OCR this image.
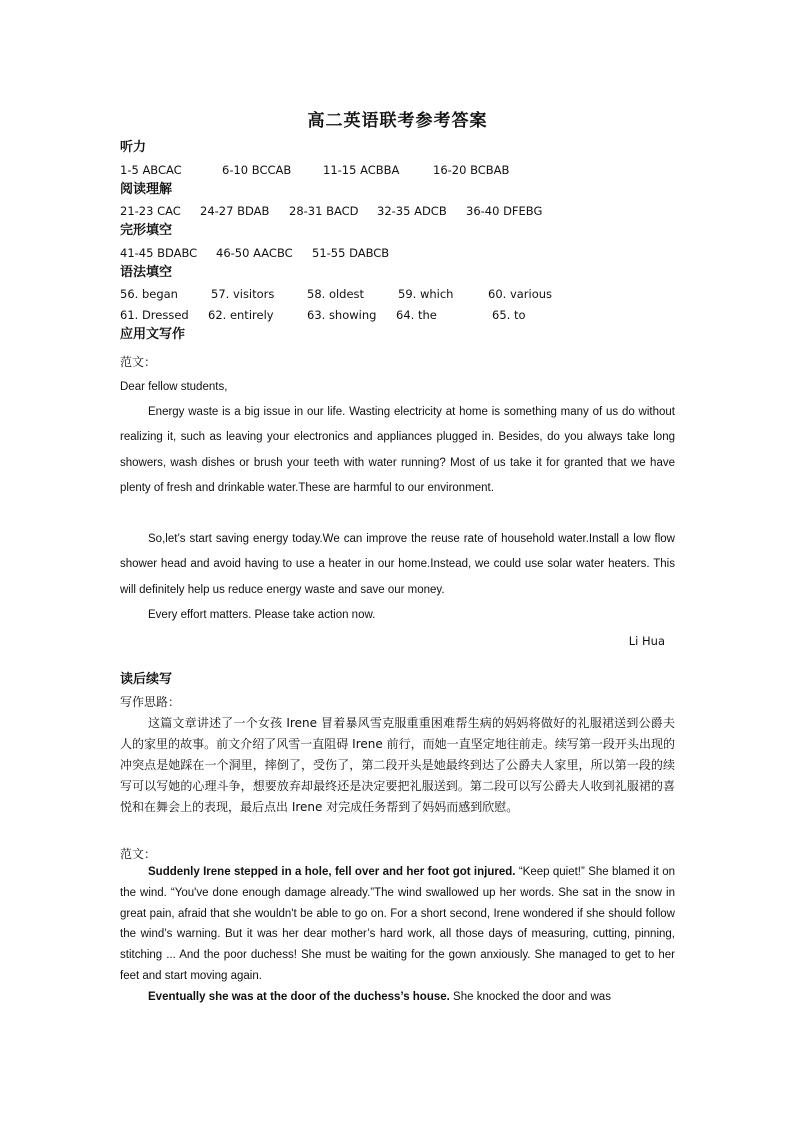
高二英语联考参考答案
听力
1-5 ABCAC	6-10 BCCAB	11-15 ACBBA	16-20 BCBAB
阅读理解
21-23 CAC 24-27 BDAB 28-31 BACD 32-35 ADCB 36-40 DFEBG
完形填空
41-45 BDABC 46-50 AACBC 51-55 DABCB
语法填空
56. began	57. visitors	58. oldest	59. which	60. various
61. Dressed 62. entirely	63. showing 64. the	65. to
应用文写作
范文：
Dear fellow students,
Energy waste is a big issue in our life. Wasting electricity at home is something many of us do without realizing it, such as leaving your electronics and appliances plugged in. Besides, do you always take long showers, wash dishes or brush your teeth with water running? Most of us take it for granted that we have plenty of fresh and drinkable water.These are harmful to our environment.
So,let’s start saving energy today.We can improve the reuse rate of household water.Install a low flow shower head and avoid having to use a heater in our home.Instead, we could use solar water heaters. This will definitely help us reduce energy waste and save our money.
Every effort matters. Please take action now.
Li Hua
读后续写
写作思路：
这篇文章讲述了一个女孩 Irene 冒着暴风雪克服重重困难帮生病的妈妈将做好的礼服裙送到公爵夫人的家里的故事。前文介绍了风雪一直阻碍 Irene 前行，而她一直坚定地往前走。续写第一段开头出现的冲突点是她踩在一个洞里，摔倒了，受伤了，第二段开头是她最终到达了公爵夫人家里，所以第一段的续写可以写她的心理斗争，想要放弃却最终还是决定要把礼服送到。第二段可以写公爵夫人收到礼服裙的喜悦和在舞会上的表现，最后点出 Irene 对完成任务帮到了妈妈而感到欣慰。
范文：
Suddenly Irene stepped in a hole, fell over and her foot got injured. “Keep quiet!” She blamed it on the wind. “You've done enough damage already.”The wind swallowed up her words. She sat in the snow in great pain, afraid that she wouldn't be able to go on. For a short second, Irene wondered if she should follow the wind’s warning. But it was her dear mother’s hard work, all those days of measuring, cutting, pinning, stitching ... And the poor duchess! She must be waiting for the gown anxiously. She managed to get to her feet and start moving again.
Eventually she was at the door of the duchess’s house. She knocked the door and was
